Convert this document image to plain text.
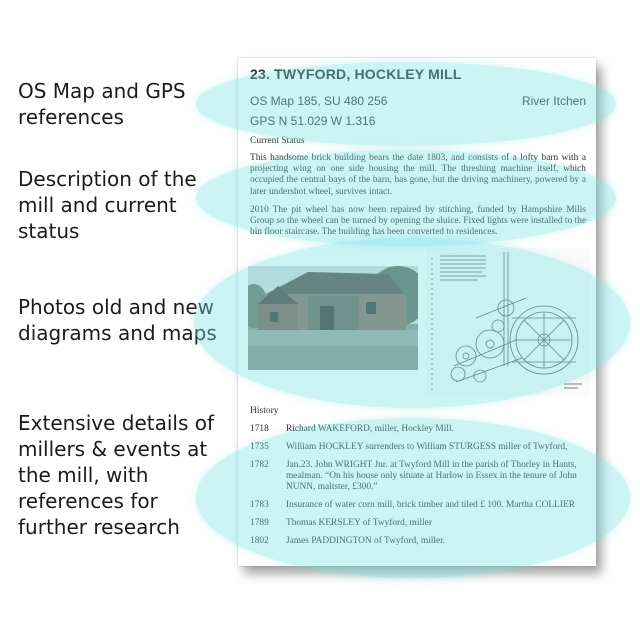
OS Map and GPS
references
Description of the
mill and current
status
Photos old and new
diagrams and maps
Extensive details of
millers & events at
the mill, with
references for
further research
23. TWYFORD, HOCKLEY MILL
OS Map 185, SU 480 256	River Itchen
GPS N 51.029 W 1.316
Current Status
This handsome brick building bears the date 1803, and consists of a lofty barn with a projecting wing on one side housing the mill. The threshing machine itself, which occupied the central bays of the barn, has gone, but the driving machinery, powered by a later undershot wheel, survives intact.
2010 The pit wheel has now been repaired by stitching, funded by Hampshire Mills Group so the wheel can be turned by opening the sluice. Fixed lights were installed to the bin floor staircase. The building has been converted to residences.
History
1718	Richard WAKEFORD, miller, Hockley Mill.
1735	William HOCKLEY surrenders to William STURGESS miller of Twyford,
1782	Jan.23. John WRIGHT Jnr. at Twyford Mill in the parish of Thorley in Hants, mealman. “On his house only situate at Harlow in Essex in the tenure of John NUNN, maltster, £300.”
1783	Insurance of water corn mill, brick timber and tiled £ 100. Martha COLLIER
1789	Thomas KERSLEY of Twyford, miller
1802	James PADDINGTON of Twyford, miller.
